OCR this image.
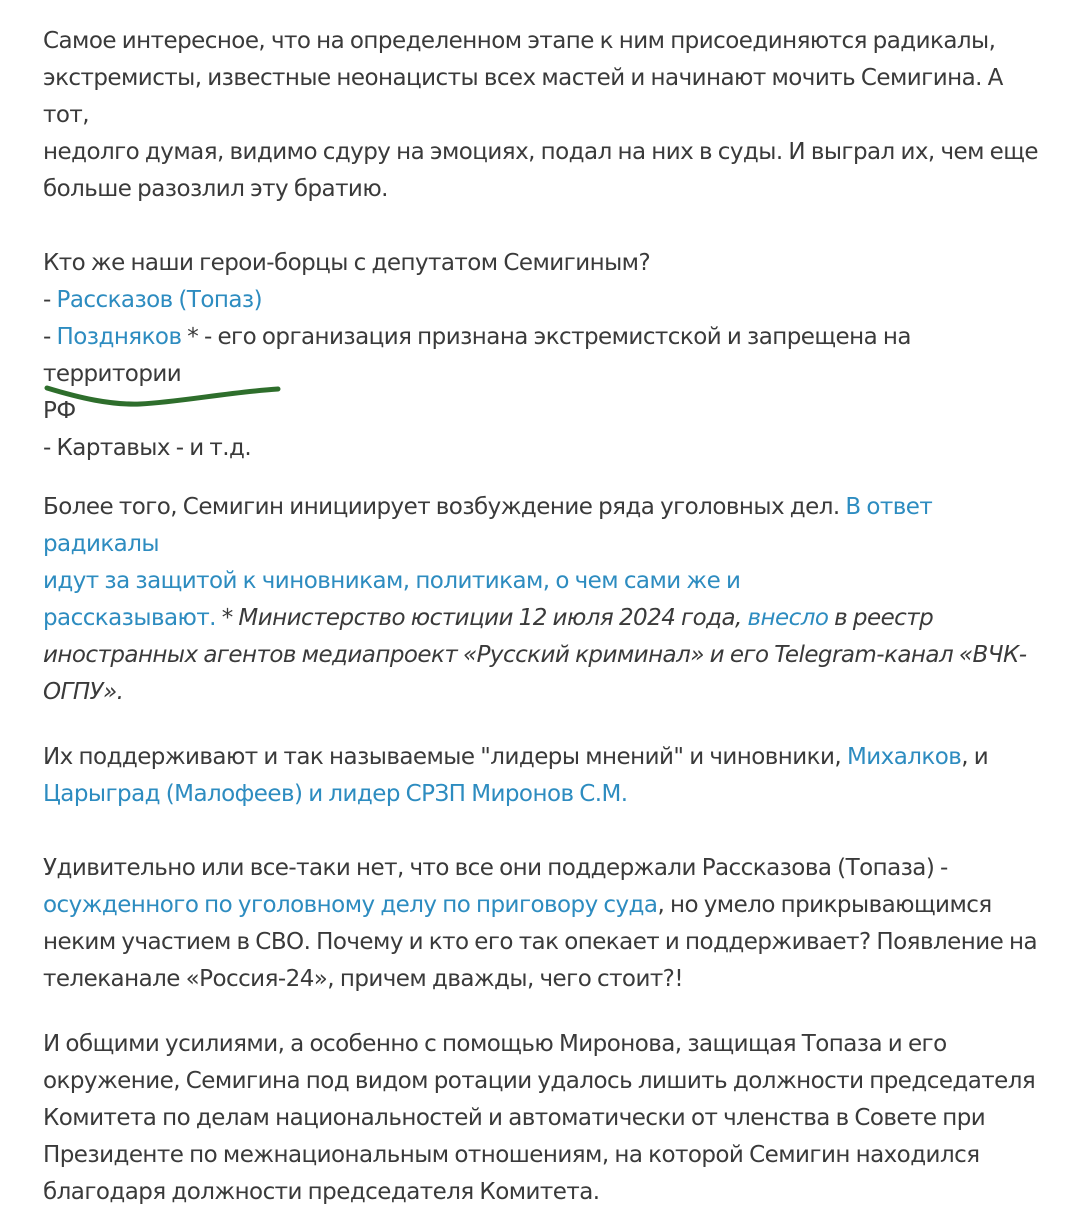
Самое интересное, что на определенном этапе к ним присоединяются радикалы,

экстремисты, известные неонацисты всех мастей и начинают мочить Семигина. А тот,

недолго думая, видимо сдуру на эмоциях, подал на них в суды. И выграл их, чем еще

больше разозлил эту братию.

Кто же наши герои-борцы с депутатом Семигиным?

- Рассказов (Топаз)

- Поздняков * - его организация признана экстремистской и запрещена на территории

РФ

- Картавых - и т.д.

Более того, Семигин инициирует возбуждение ряда уголовных дел. В ответ радикалы

идут за защитой к чиновникам, политикам, о чем сами же и

рассказывают. * Министерство юстиции 12 июля 2024 года, внесло в реестр

иностранных агентов медиапроект «Русский криминал» и его Telegram-канал «ВЧК-

ОГПУ».

Их поддерживают и так называемые "лидеры мнений" и чиновники, Михалков, и

Царыград (Малофеев) и лидер СРЗП Миронов С.М.

Удивительно или все-таки нет, что все они поддержали Рассказова (Топаза) -

осужденного по уголовному делу по приговору суда, но умело прикрывающимся

неким участием в СВО. Почему и кто его так опекает и поддерживает? Появление на

телеканале «Россия-24», причем дважды, чего стоит?!

И общими усилиями, а особенно с помощью Миронова, защищая Топаза и его

окружение, Семигина под видом ротации удалось лишить должности председателя

Комитета по делам национальностей и автоматически от членства в Совете при

Президенте по межнациональным отношениям, на которой Семигин находился

благодаря должности председателя Комитета.
